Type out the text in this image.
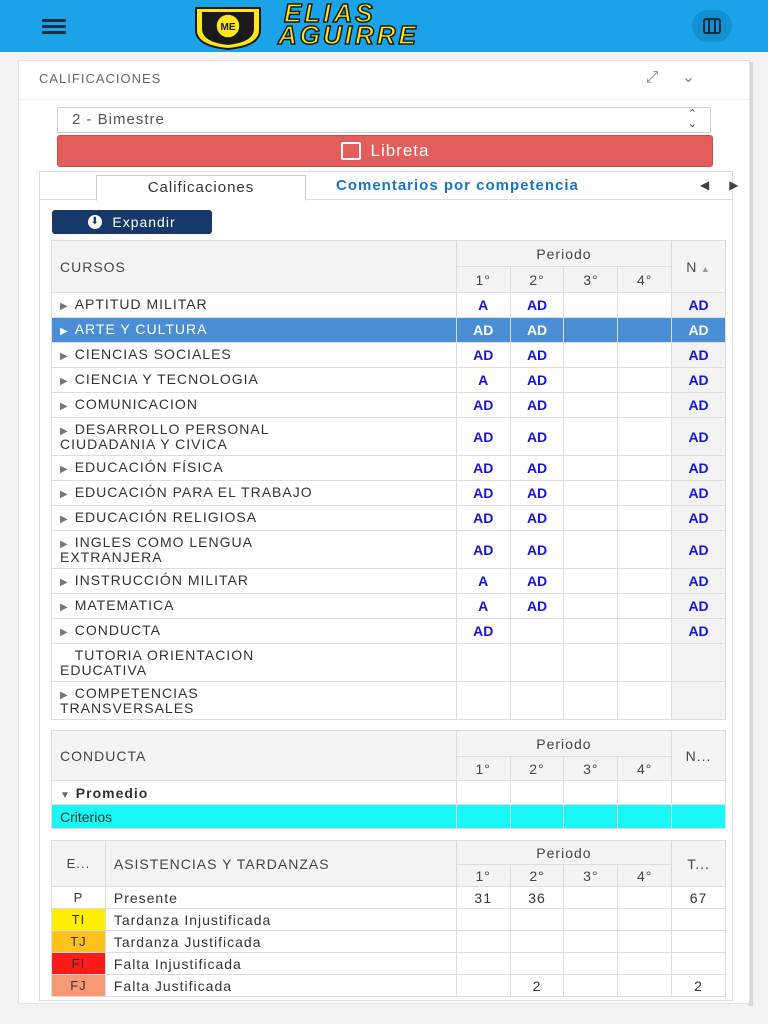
ME ELIAS
AGUIRRE
CALIFICACIONES	⤢ ⌄
2 - Bimestre	⌃
⌄
Libreta
Calificaciones	Comentarios por competencia	◀ ▶
⬇ Expandir
CURSOS	Periodo				N ▲
	1°	2°	3°	4°	
▶ APTITUD MILITAR	A	AD			AD
▶ ARTE Y CULTURA	AD	AD			AD
▶ CIENCIAS SOCIALES	AD	AD			AD
▶ CIENCIA Y TECNOLOGIA	A	AD			AD
▶ COMUNICACION	AD	AD			AD
▶ DESARROLLO PERSONAL
CIUDADANIA Y CIVICA	AD	AD			AD
▶ EDUCACIÓN FÍSICA	AD	AD			AD
▶ EDUCACIÓN PARA EL TRABAJO	AD	AD			AD
▶ EDUCACIÓN RELIGIOSA	AD	AD			AD
▶ INGLES COMO LENGUA
EXTRANJERA	AD	AD			AD
▶ INSTRUCCIÓN MILITAR	A	AD			AD
▶ MATEMATICA	A	AD			AD
▶ CONDUCTA	AD				AD
TUTORIA ORIENTACION
EDUCATIVA					
▶ COMPETENCIAS
TRANSVERSALES					
CONDUCTA	Periodo				N...
	1°	2°	3°	4°	
▼ Promedio					
Criterios					
E...	ASISTENCIAS Y TARDANZAS	Periodo				T...
		1°	2°	3°	4°	
P	Presente	31	36			67
TI	Tardanza Injustificada					
TJ	Tardanza Justificada					
FI	Falta Injustificada					
FJ	Falta Justificada		2			2
